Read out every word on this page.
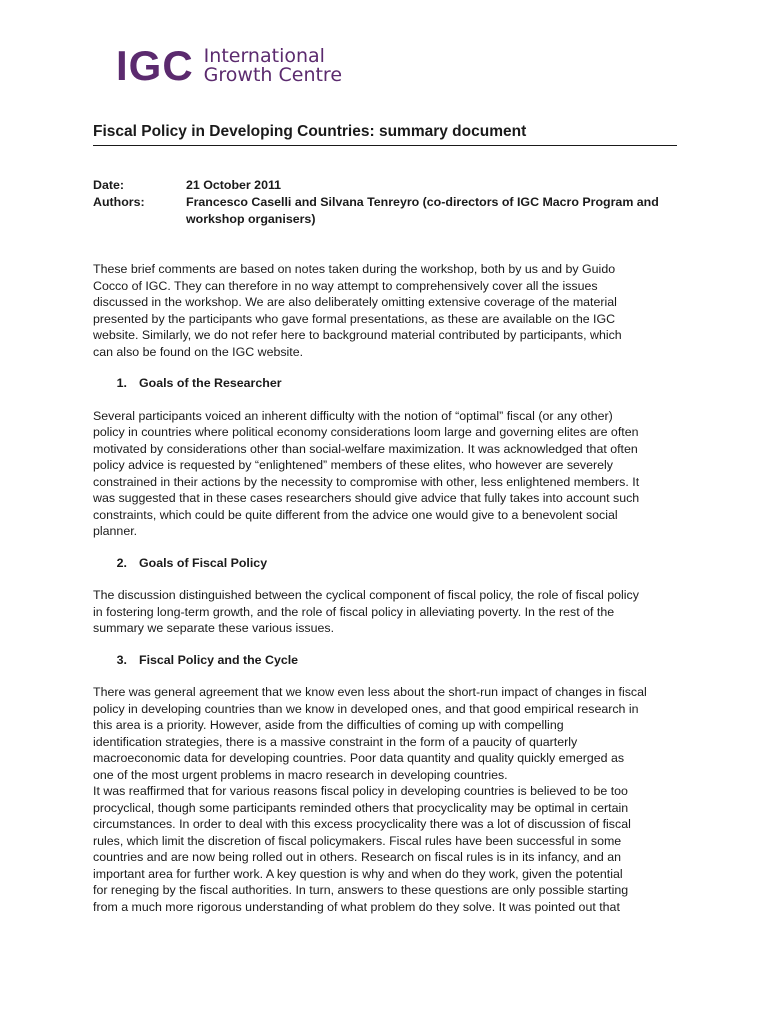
IGC International
Growth Centre
Fiscal Policy in Developing Countries: summary document
Date:	21 October 2011
Authors:	Francesco Caselli and Silvana Tenreyro (co-directors of IGC Macro Program and
workshop organisers)

These brief comments are based on notes taken during the workshop, both by us and by Guido
Cocco of IGC. They can therefore in no way attempt to comprehensively cover all the issues
discussed in the workshop. We are also deliberately omitting extensive coverage of the material
presented by the participants who gave formal presentations, as these are available on the IGC
website. Similarly, we do not refer here to background material contributed by participants, which
can also be found on the IGC website.

1. Goals of the Researcher

Several participants voiced an inherent difficulty with the notion of “optimal” fiscal (or any other)
policy in countries where political economy considerations loom large and governing elites are often
motivated by considerations other than social-welfare maximization. It was acknowledged that often
policy advice is requested by “enlightened” members of these elites, who however are severely
constrained in their actions by the necessity to compromise with other, less enlightened members. It
was suggested that in these cases researchers should give advice that fully takes into account such
constraints, which could be quite different from the advice one would give to a benevolent social
planner.

2. Goals of Fiscal Policy

The discussion distinguished between the cyclical component of fiscal policy, the role of fiscal policy
in fostering long-term growth, and the role of fiscal policy in alleviating poverty. In the rest of the
summary we separate these various issues.

3. Fiscal Policy and the Cycle

There was general agreement that we know even less about the short-run impact of changes in fiscal
policy in developing countries than we know in developed ones, and that good empirical research in
this area is a priority. However, aside from the difficulties of coming up with compelling
identification strategies, there is a massive constraint in the form of a paucity of quarterly
macroeconomic data for developing countries. Poor data quantity and quality quickly emerged as
one of the most urgent problems in macro research in developing countries.

It was reaffirmed that for various reasons fiscal policy in developing countries is believed to be too
procyclical, though some participants reminded others that procyclicality may be optimal in certain
circumstances. In order to deal with this excess procyclicality there was a lot of discussion of fiscal
rules, which limit the discretion of fiscal policymakers. Fiscal rules have been successful in some
countries and are now being rolled out in others. Research on fiscal rules is in its infancy, and an
important area for further work. A key question is why and when do they work, given the potential
for reneging by the fiscal authorities. In turn, answers to these questions are only possible starting
from a much more rigorous understanding of what problem do they solve. It was pointed out that
